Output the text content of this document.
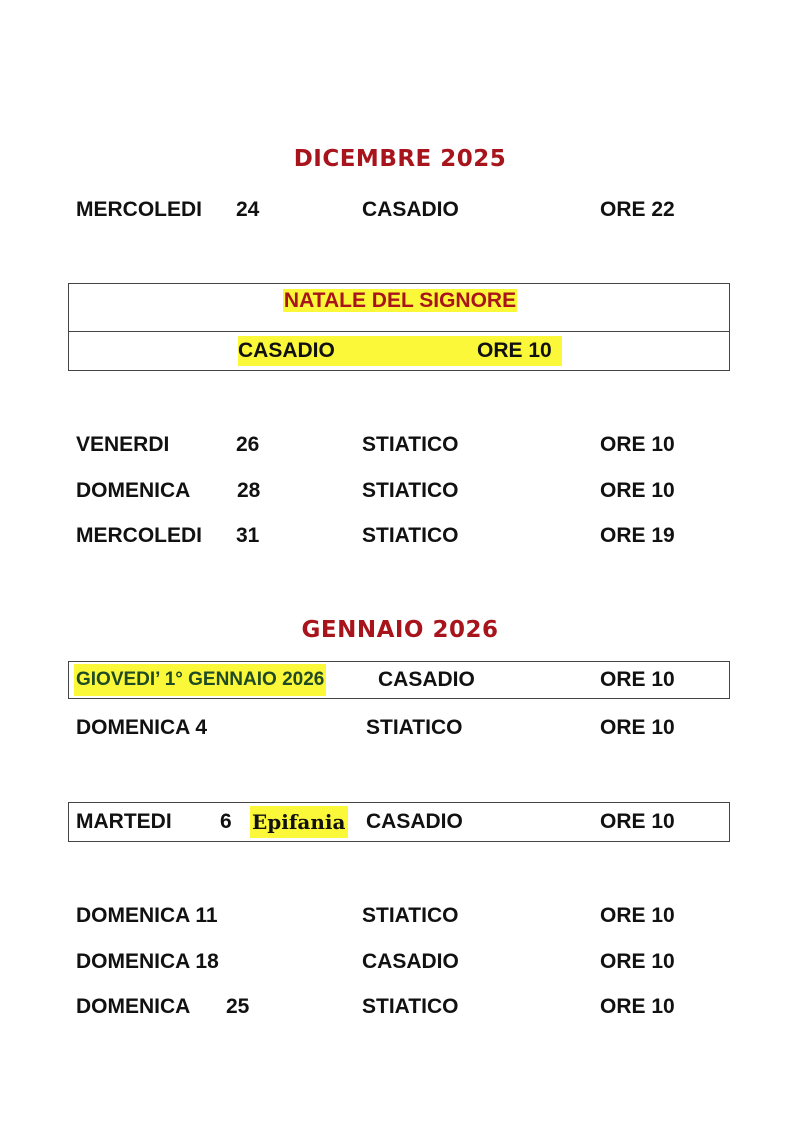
DICEMBRE 2025
MERCOLEDI 24	CASADIO	ORE 22
NATALE DEL SIGNORE
CASADIO	ORE 10
VENERDI	26	STIATICO	ORE 10
DOMENICA 28	STIATICO	ORE 10
MERCOLEDI 31	STIATICO	ORE 19
GENNAIO 2026
GIOVEDI’ 1° GENNAIO 2026	CASADIO	ORE 10
DOMENICA 4	STIATICO	ORE 10
Epifania
MARTEDI 6	CASADIO	ORE 10
DOMENICA 11	STIATICO	ORE 10
DOMENICA 18	CASADIO	ORE 10
DOMENICA 25	STIATICO	ORE 10
